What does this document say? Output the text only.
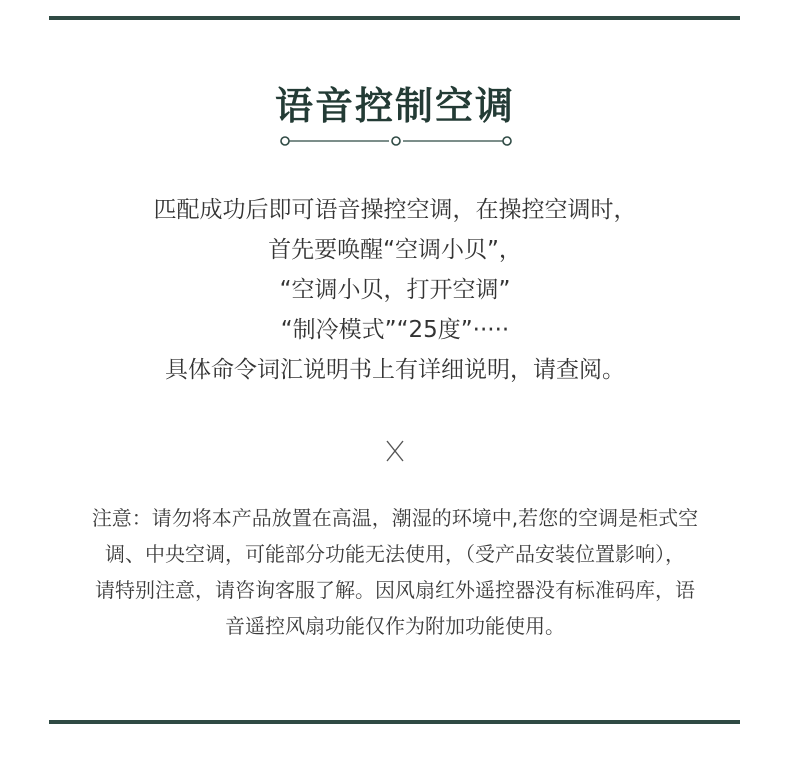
语音控制空调
匹配成功后即可语音操控空调，在操控空调时，
首先要唤醒“空调小贝”，
“空调小贝，打开空调”
“制冷模式”“25度”·····
具体命令词汇说明书上有详细说明，请查阅。
注意：请勿将本产品放置在高温，潮湿的环境中,若您的空调是柜式空
调、中央空调，可能部分功能无法使用，（受产品安装位置影响），
请特别注意，请咨询客服了解。因风扇红外遥控器没有标准码库，语
音遥控风扇功能仅作为附加功能使用。
